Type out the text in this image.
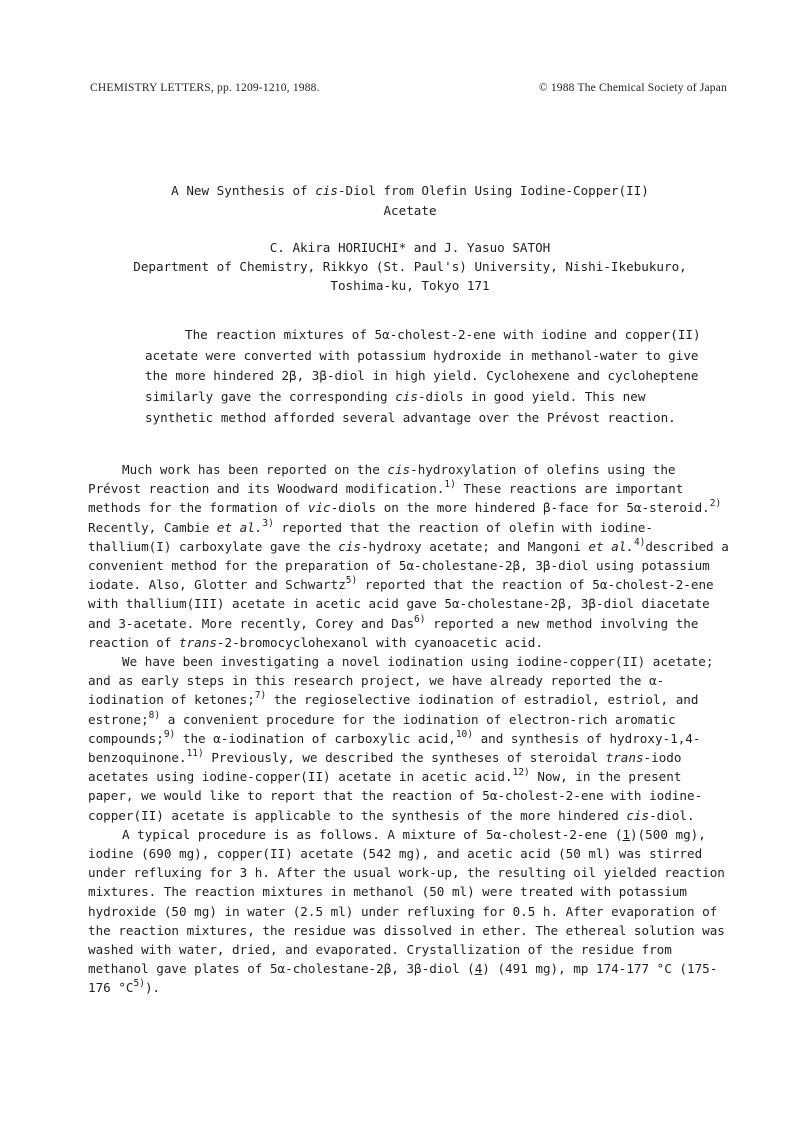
CHEMISTRY LETTERS, pp. 1209-1210, 1988.	© 1988 The Chemical Society of Japan
A New Synthesis of cis-Diol from Olefin Using Iodine-Copper(II)
Acetate
C. Akira HORIUCHI* and J. Yasuo SATOH
Department of Chemistry, Rikkyo (St. Paul's) University, Nishi-Ikebukuro,
Toshima-ku, Tokyo 171

The reaction mixtures of 5α-cholest-2-ene with iodine and copper(II) acetate were converted with potassium hydroxide in methanol-water to give the more hindered 2β, 3β-diol in high yield. Cyclohexene and cycloheptene similarly gave the corresponding cis-diols in good yield. This new synthetic method afforded several advantage over the Prévost reaction.

Much work has been reported on the cis-hydroxylation of olefins using the Prévost reaction and its Woodward modification.$^{1)}$ These reactions are important methods for the formation of vic-diols on the more hindered β-face for 5α-steroid.$^{2)}$ Recently, Cambie et al.$^{3)}$ reported that the reaction of olefin with iodine-thallium(I) carboxylate gave the cis-hydroxy acetate; and Mangoni et al.$^{4)}$described a convenient method for the preparation of 5α-cholestane-2β, 3β-diol using potassium iodate. Also, Glotter and Schwartz$^{5)}$ reported that the reaction of 5α-cholest-2-ene with thallium(III) acetate in acetic acid gave 5α-cholestane-2β, 3β-diol diacetate and 3-acetate. More recently, Corey and Das$^{6)}$ reported a new method involving the reaction of trans-2-bromocyclohexanol with cyanoacetic acid.

We have been investigating a novel iodination using iodine-copper(II) acetate; and as early steps in this research project, we have already reported the α-iodination of ketones;$^{7)}$ the regioselective iodination of estradiol, estriol, and estrone;$^{8)}$ a convenient procedure for the iodination of electron-rich aromatic compounds;$^{9)}$ the α-iodination of carboxylic acid,$^{10)}$ and synthesis of hydroxy-1,4-benzoquinone.$^{11)}$ Previously, we described the syntheses of steroidal trans-iodo acetates using iodine-copper(II) acetate in acetic acid.$^{12)}$ Now, in the present paper, we would like to report that the reaction of 5α-cholest-2-ene with iodine-copper(II) acetate is applicable to the synthesis of the more hindered cis-diol.

A typical procedure is as follows. A mixture of 5α-cholest-2-ene (1)(500 mg), iodine (690 mg), copper(II) acetate (542 mg), and acetic acid (50 ml) was stirred under refluxing for 3 h. After the usual work-up, the resulting oil yielded reaction mixtures. The reaction mixtures in methanol (50 ml) were treated with potassium hydroxide (50 mg) in water (2.5 ml) under refluxing for 0.5 h. After evaporation of the reaction mixtures, the residue was dissolved in ether. The ethereal solution was washed with water, dried, and evaporated. Crystallization of the residue from methanol gave plates of 5α-cholestane-2β, 3β-diol (4) (491 mg), mp 174-177 °C (175-176 $^\circ C^{5)}$).
